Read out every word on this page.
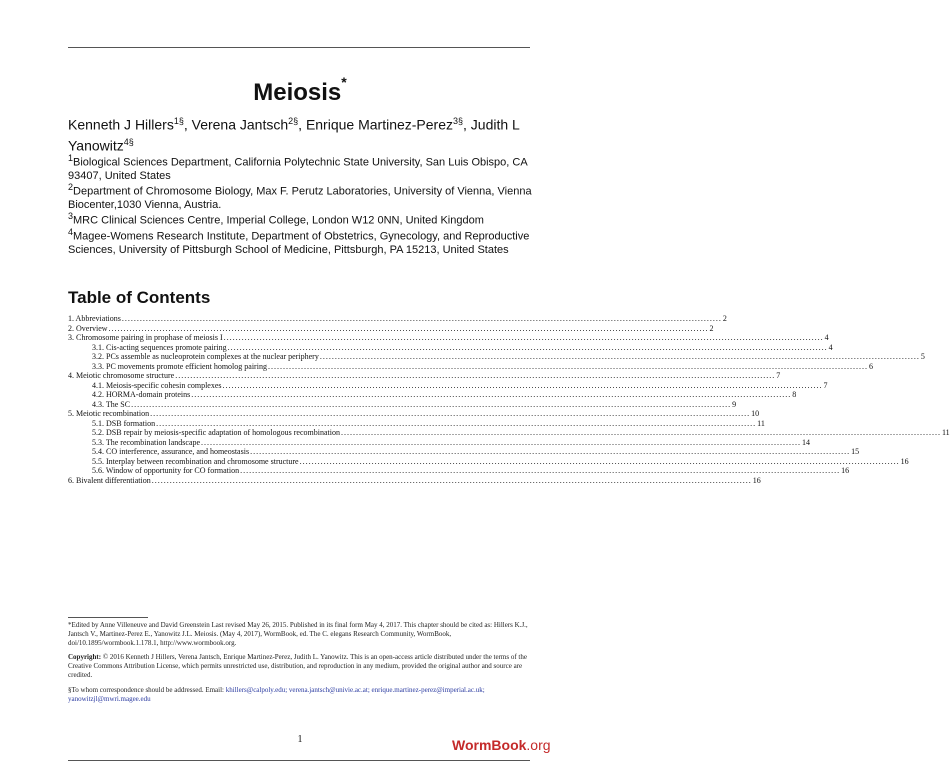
Meiosis*
Kenneth J Hillers$^{1\S}$, Verena Jantsch$^{2\S}$, Enrique Martinez-Perez$^{3\S}$, Judith L Yanowitz$^{4\S}$
$^1$Biological Sciences Department, California Polytechnic State University, San Luis Obispo, CA 93407, United States
$^2$Department of Chromosome Biology, Max F. Perutz Laboratories, University of Vienna, Vienna Biocenter,1030 Vienna, Austria.
$^3$MRC Clinical Sciences Centre, Imperial College, London W12 0NN, United Kingdom
$^4$Magee-Womens Research Institute, Department of Obstetrics, Gynecology, and Reproductive Sciences, University of Pittsburgh School of Medicine, Pittsburgh, PA 15213, United States
Table of Contents
1. Abbreviations ........................................................................................................................................................................................................ 2
2. Overview ........................................................................................................................................................................................................ 2
3. Chromosome pairing in prophase of meiosis I ........................................................................................................................................................................................................ 4
3.1. Cis-acting sequences promote pairing ........................................................................................................................................................................................................ 4
3.2. PCs assemble as nucleoprotein complexes at the nuclear periphery ........................................................................................................................................................................................................ 5
3.3. PC movements promote efficient homolog pairing ........................................................................................................................................................................................................ 6
4. Meiotic chromosome structure ........................................................................................................................................................................................................ 7
4.1. Meiosis-specific cohesin complexes ........................................................................................................................................................................................................ 7
4.2. HORMA-domain proteins ........................................................................................................................................................................................................ 8
4.3. The SC ........................................................................................................................................................................................................ 9
5. Meiotic recombination ........................................................................................................................................................................................................ 10
5.1. DSB formation ........................................................................................................................................................................................................ 11
5.2. DSB repair by meiosis-specific adaptation of homologous recombination ........................................................................................................................................................................................................ 11
5.3. The recombination landscape ........................................................................................................................................................................................................ 14
5.4. CO interference, assurance, and homeostasis ........................................................................................................................................................................................................ 15
5.5. Interplay between recombination and chromosome structure ........................................................................................................................................................................................................ 16
5.6. Window of opportunity for CO formation ........................................................................................................................................................................................................ 16
6. Bivalent differentiation ........................................................................................................................................................................................................ 16
*Edited by Anne Villeneuve and David Greenstein Last revised May 26, 2015. Published in its final form May 4, 2017. This chapter should be cited as: Hillers K.J., Jantsch V., Martinez-Perez E., Yanowitz J.L. Meiosis. (May 4, 2017), WormBook, ed. The C. elegans Research Community, WormBook, doi/10.1895/wormbook.1.178.1, http://www.wormbook.org.
Copyright: © 2016 Kenneth J Hillers, Verena Jantsch, Enrique Martinez-Perez, Judith L. Yanowitz. This is an open-access article distributed under the terms of the Creative Commons Attribution License, which permits unrestricted use, distribution, and reproduction in any medium, provided the original author and source are credited.
§To whom correspondence should be addressed. Email: khillers@calpoly.edu; verena.jantsch@univie.ac.at; enrique.martinez-perez@imperial.ac.uk; yanowitzjl@mwri.magee.edu
1	WormBook.org
